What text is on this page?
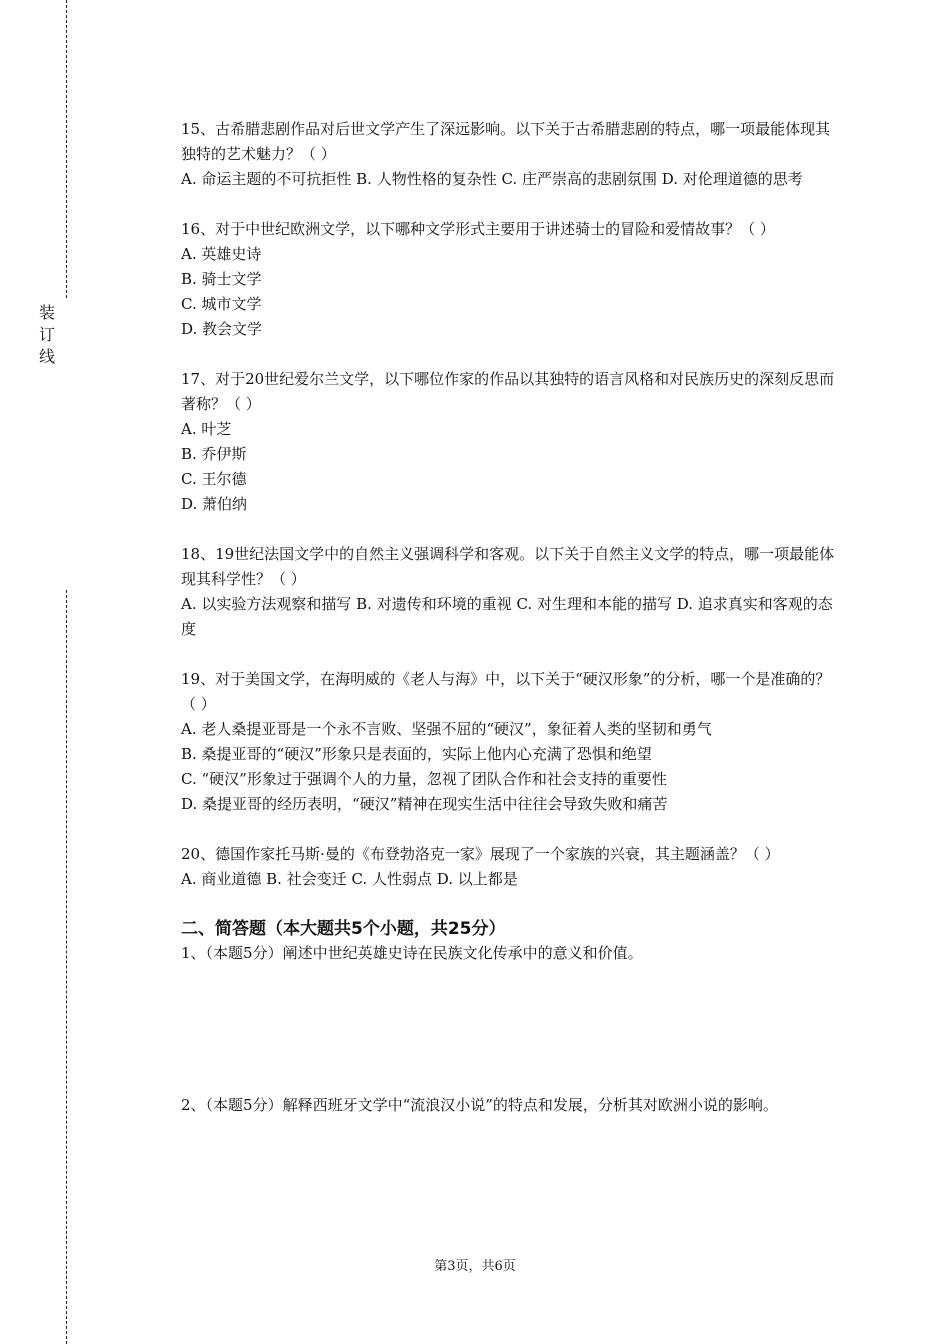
装订线

15、古希腊悲剧作品对后世文学产生了深远影响。以下关于古希腊悲剧的特点，哪一项最能体现其独特的艺术魅力？（ ）

A. 命运主题的不可抗拒性 B. 人物性格的复杂性 C. 庄严崇高的悲剧氛围 D. 对伦理道德的思考

16、对于中世纪欧洲文学，以下哪种文学形式主要用于讲述骑士的冒险和爱情故事？（ ）

A. 英雄史诗

B. 骑士文学

C. 城市文学

D. 教会文学

17、对于20世纪爱尔兰文学，以下哪位作家的作品以其独特的语言风格和对民族历史的深刻反思而著称？（ ）

A. 叶芝

B. 乔伊斯

C. 王尔德

D. 萧伯纳

18、19世纪法国文学中的自然主义强调科学和客观。以下关于自然主义文学的特点，哪一项最能体现其科学性？（ ）

A. 以实验方法观察和描写 B. 对遗传和环境的重视 C. 对生理和本能的描写 D. 追求真实和客观的态度

19、对于美国文学，在海明威的《老人与海》中，以下关于“硬汉形象”的分析，哪一个是准确的？（ ）

A. 老人桑提亚哥是一个永不言败、坚强不屈的“硬汉”，象征着人类的坚韧和勇气

B. 桑提亚哥的“硬汉”形象只是表面的，实际上他内心充满了恐惧和绝望

C. “硬汉”形象过于强调个人的力量，忽视了团队合作和社会支持的重要性

D. 桑提亚哥的经历表明，“硬汉”精神在现实生活中往往会导致失败和痛苦

20、德国作家托马斯·曼的《布登勃洛克一家》展现了一个家族的兴衰，其主题涵盖？（ ）

A. 商业道德 B. 社会变迁 C. 人性弱点 D. 以上都是

二、简答题（本大题共5个小题，共25分）

1、（本题5分）阐述中世纪英雄史诗在民族文化传承中的意义和价值。

2、（本题5分）解释西班牙文学中“流浪汉小说”的特点和发展，分析其对欧洲小说的影响。

第3页，共6页
